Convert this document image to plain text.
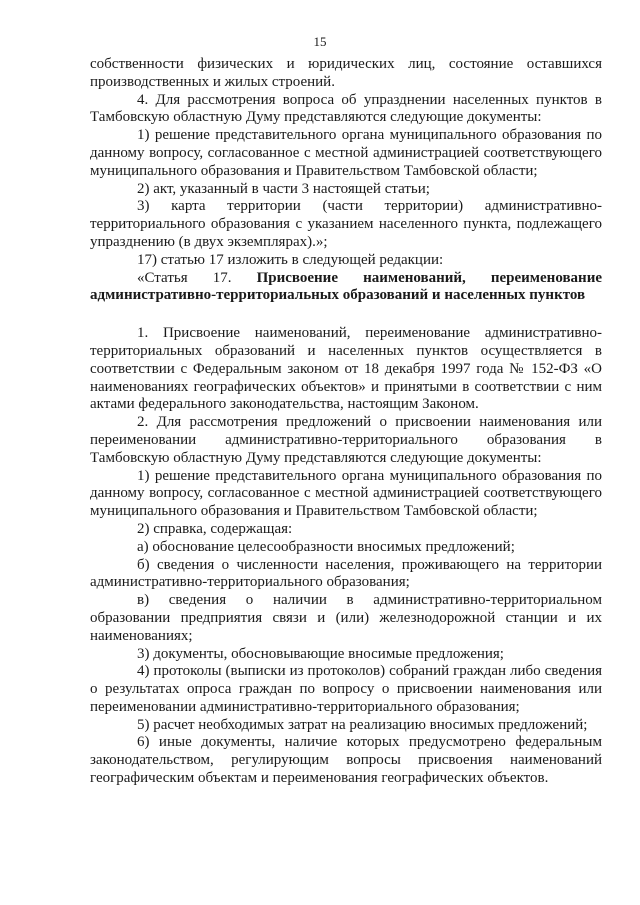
15

собственности физических и юридических лиц, состояние оставшихся производственных и жилых строений.

4. Для рассмотрения вопроса об упразднении населенных пунктов в Тамбовскую областную Думу представляются следующие документы:

1) решение представительного органа муниципального образования по данному вопросу, согласованное с местной администрацией соответствующего муниципального образования и Правительством Тамбовской области;

2) акт, указанный в части 3 настоящей статьи;

3) карта территории (части территории) административно-территориального образования с указанием населенного пункта, подлежащего упразднению (в двух экземплярах).»;

17) статью 17 изложить в следующей редакции:

«Статья 17. Присвоение наименований, переименование административно-территориальных образований и населенных пунктов

1. Присвоение наименований, переименование административно-территориальных образований и населенных пунктов осуществляется в соответствии с Федеральным законом от 18 декабря 1997 года № 152-ФЗ «О наименованиях географических объектов» и принятыми в соответствии с ним актами федерального законодательства, настоящим Законом.

2. Для рассмотрения предложений о присвоении наименования или переименовании административно-территориального образования в Тамбовскую областную Думу представляются следующие документы:

1) решение представительного органа муниципального образования по данному вопросу, согласованное с местной администрацией соответствующего муниципального образования и Правительством Тамбовской области;

2) справка, содержащая:

а) обоснование целесообразности вносимых предложений;

б) сведения о численности населения, проживающего на территории административно-территориального образования;

в) сведения о наличии в административно-территориальном образовании предприятия связи и (или) железнодорожной станции и их наименованиях;

3) документы, обосновывающие вносимые предложения;

4) протоколы (выписки из протоколов) собраний граждан либо сведения о результатах опроса граждан по вопросу о присвоении наименования или переименовании административно-территориального образования;

5) расчет необходимых затрат на реализацию вносимых предложений;

6) иные документы, наличие которых предусмотрено федеральным законодательством, регулирующим вопросы присвоения наименований географическим объектам и переименования географических объектов.
